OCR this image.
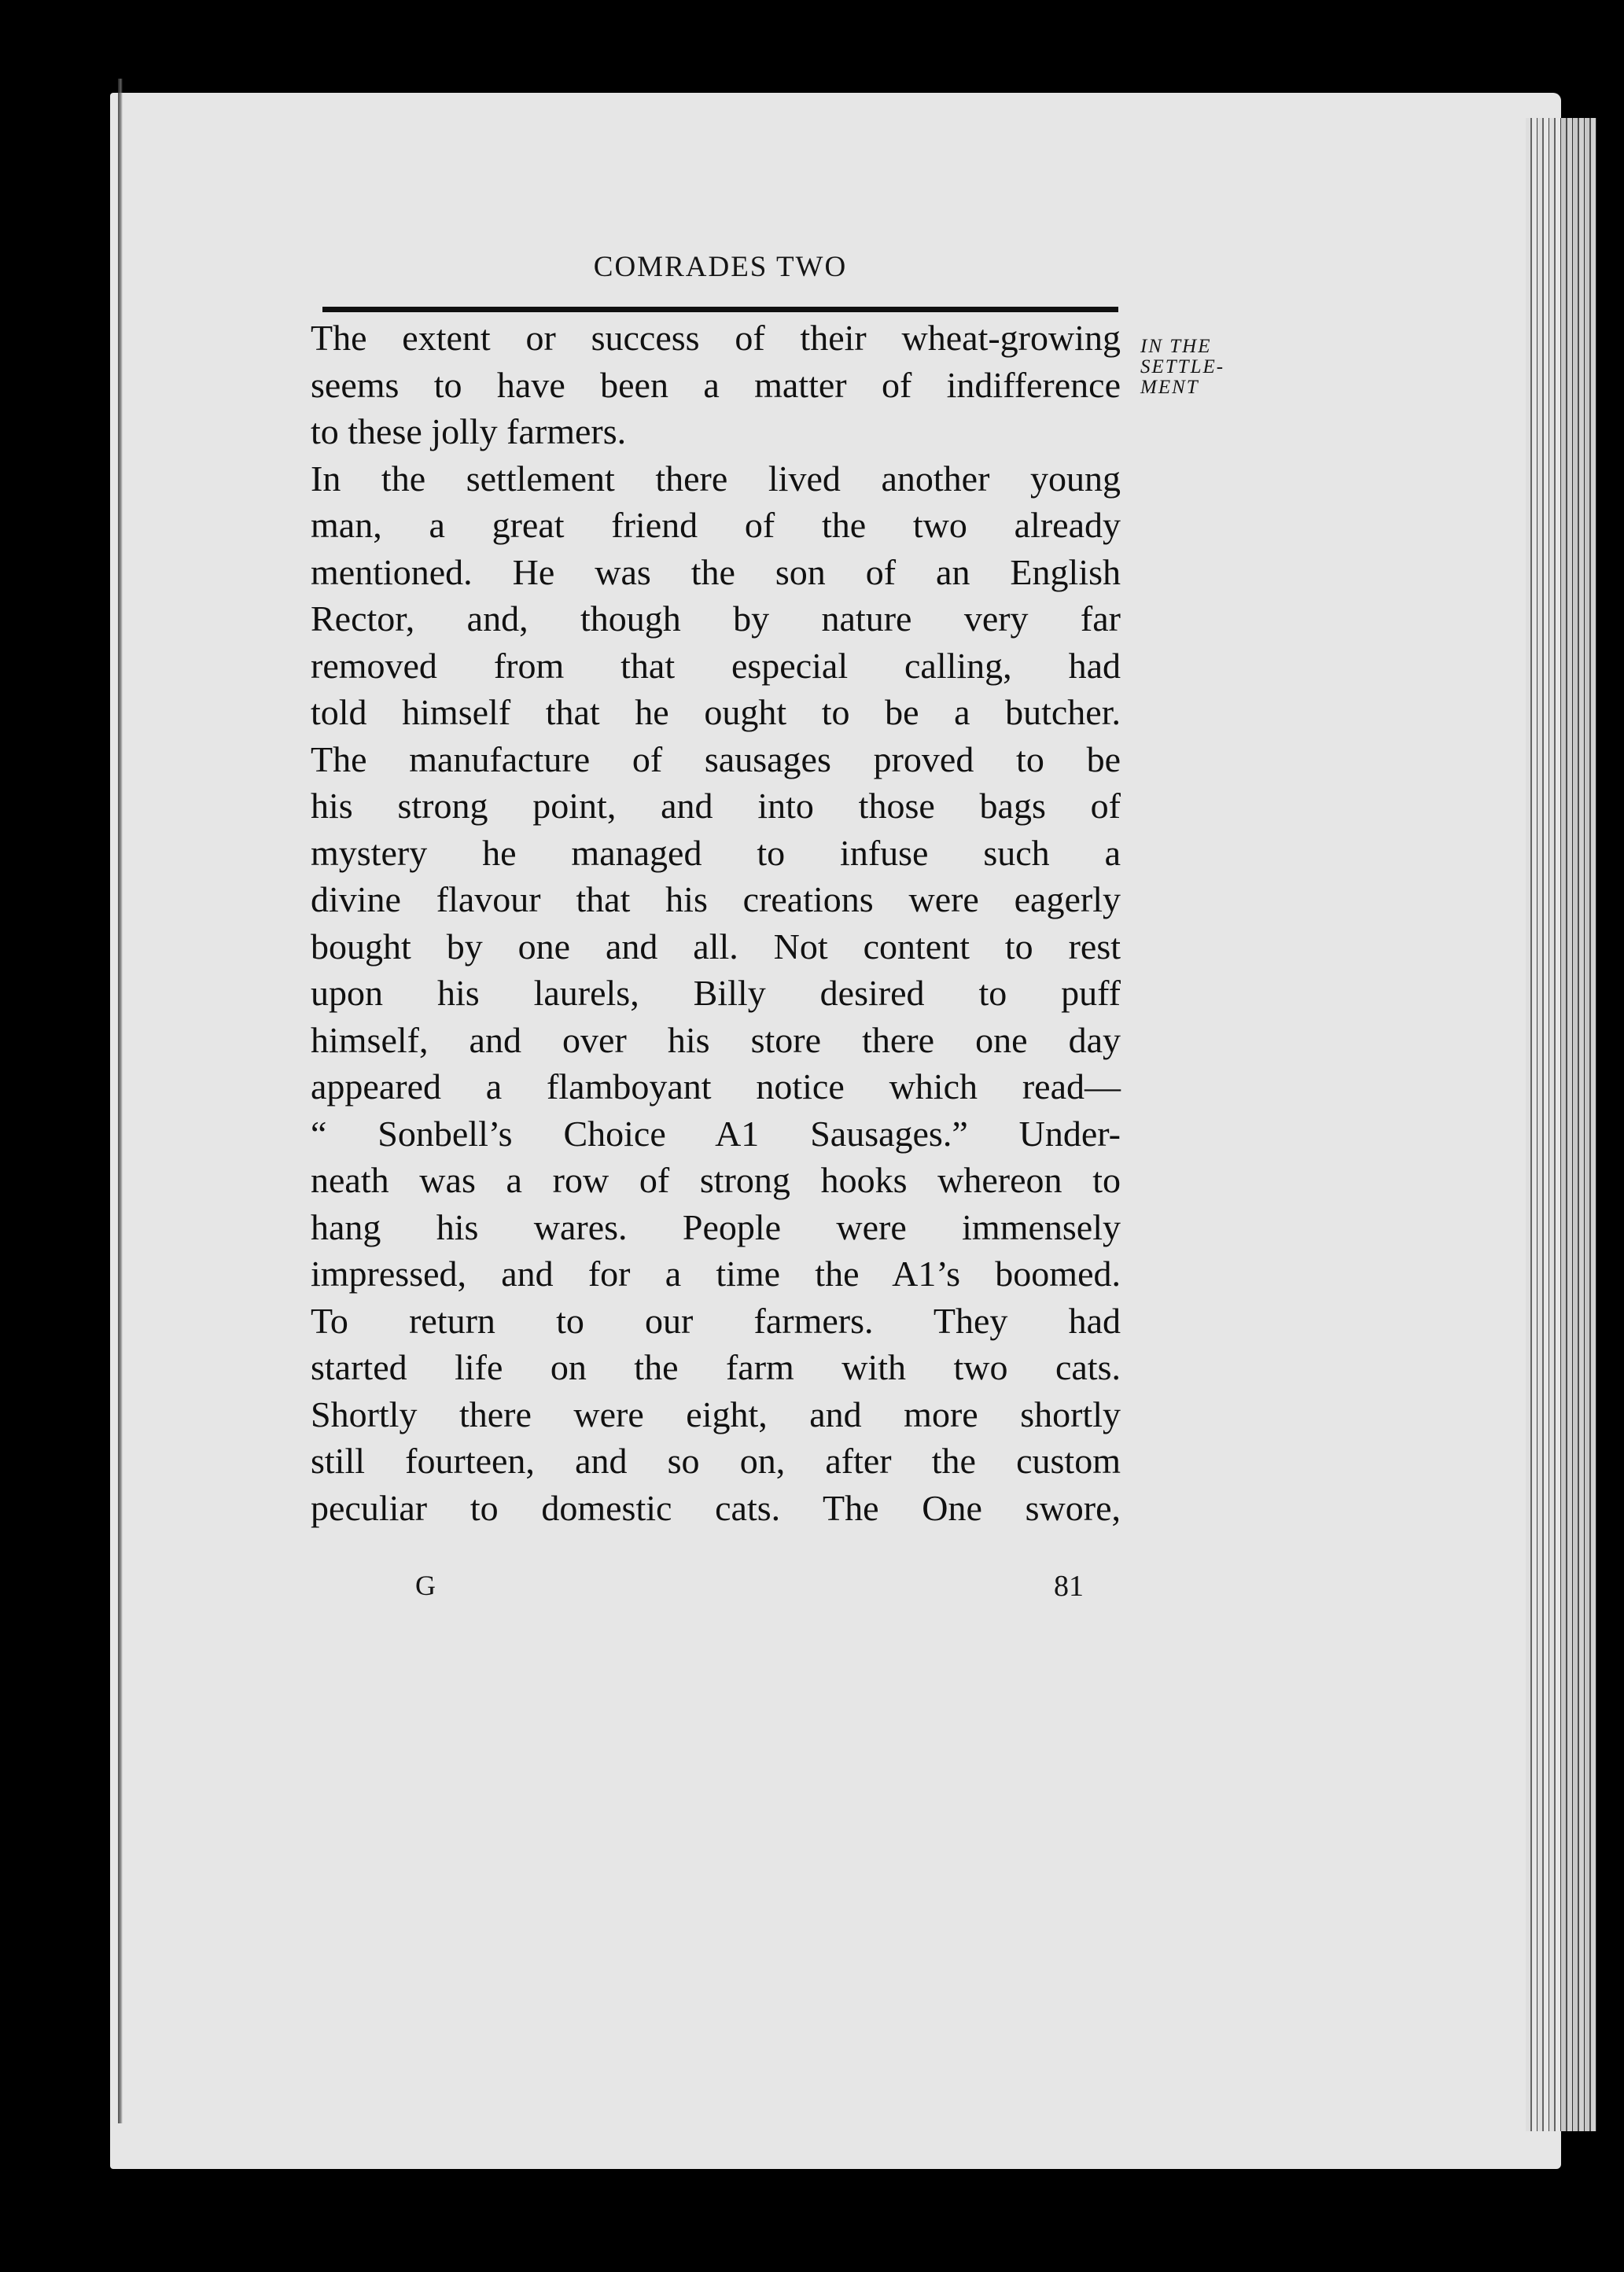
COMRADES TWO
The extent or success of their wheat-growing
seems to have been a matter of indifference
to these jolly farmers.
In the settlement there lived another young
man, a great friend of the two already
mentioned. He was the son of an English
Rector, and, though by nature very far
removed from that especial calling, had
told himself that he ought to be a butcher.
The manufacture of sausages proved to be
his strong point, and into those bags of
mystery he managed to infuse such a
divine flavour that his creations were eagerly
bought by one and all. Not content to rest
upon his laurels, Billy desired to puff
himself, and over his store there one day
appeared a flamboyant notice which read—
“ Sonbell’s Choice A1 Sausages.” Under-
neath was a row of strong hooks whereon to
hang his wares. People were immensely
impressed, and for a time the A1’s boomed.
To return to our farmers. They had
started life on the farm with two cats.
Shortly there were eight, and more shortly
still fourteen, and so on, after the custom
peculiar to domestic cats. The One swore,
IN THE
SETTLE-
MENT
G	81
